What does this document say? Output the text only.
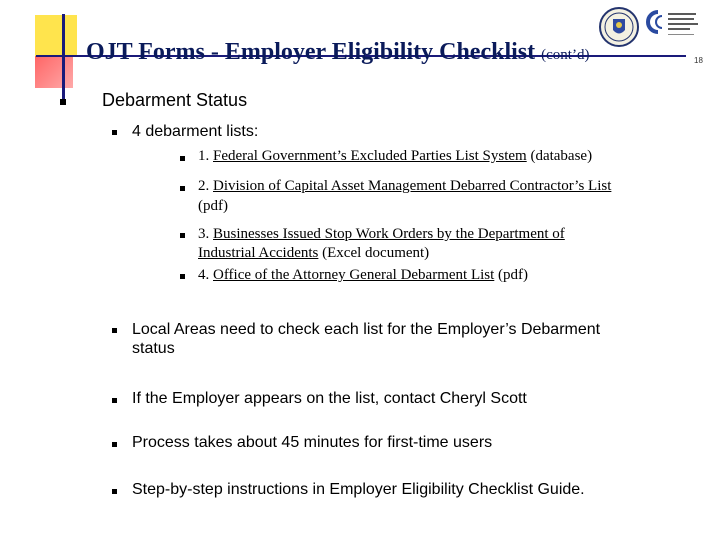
OJT Forms - Employer Eligibility Checklist (cont’d)	18
Debarment Status
4 debarment lists:
1. Federal Government’s Excluded Parties List System (database)
2. Division of Capital Asset Management Debarred Contractor’s List
(pdf)
3. Businesses Issued Stop Work Orders by the Department of
Industrial Accidents (Excel document)
4. Office of the Attorney General Debarment List (pdf)
Local Areas need to check each list for the Employer’s Debarment
status
If the Employer appears on the list, contact Cheryl Scott
Process takes about 45 minutes for first-time users
Step-by-step instructions in Employer Eligibility Checklist Guide.
